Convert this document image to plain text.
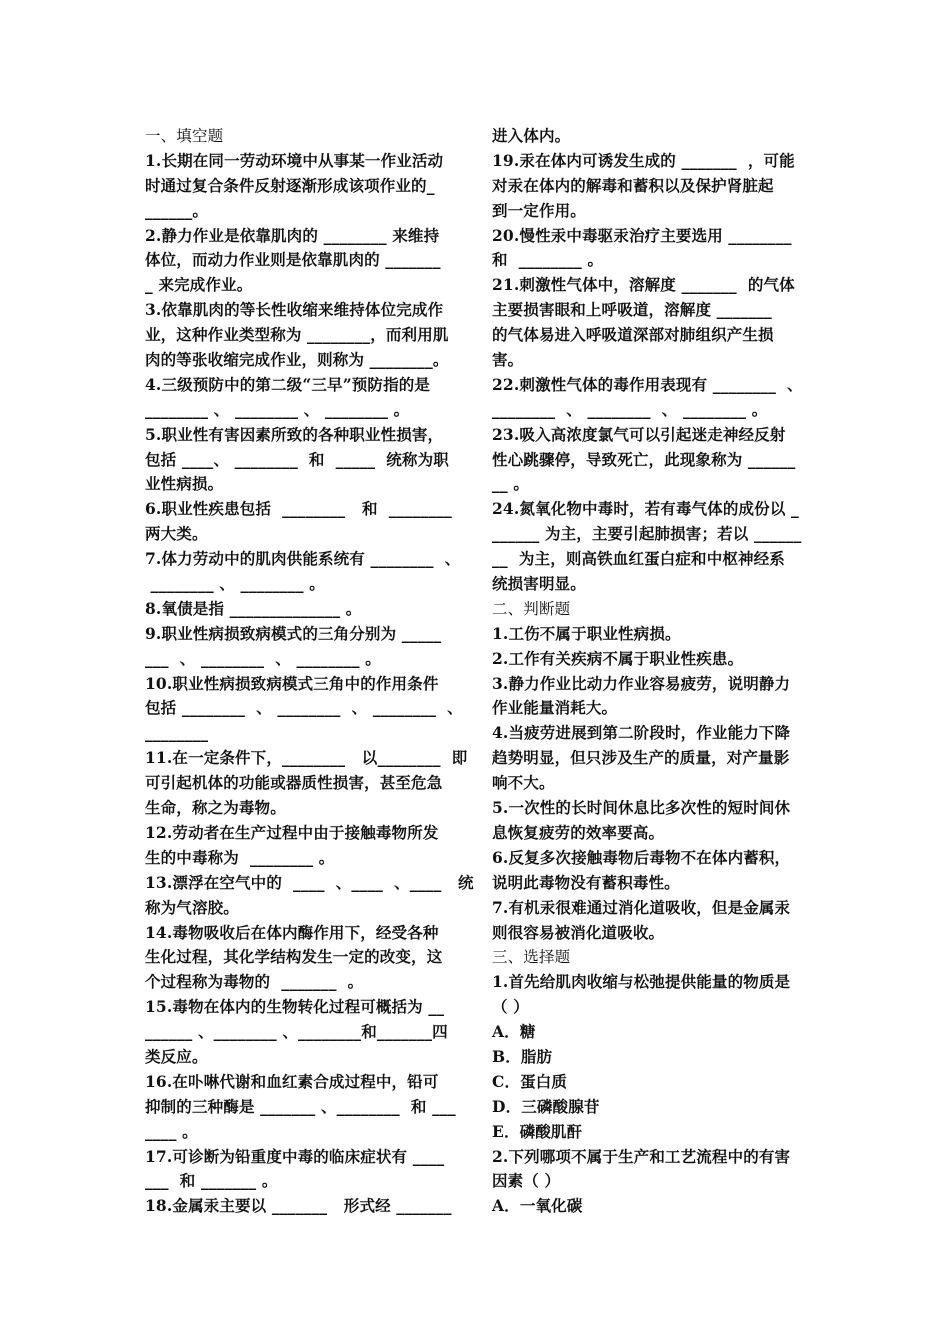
一、填空题
1.长期在同一劳动环境中从事某一作业活动
时通过复合条件反射逐渐形成该项作业的_
______。
2.静力作业是依靠肌肉的 ________ 来维持
体位，而动力作业则是依靠肌肉的 _______
_ 来完成作业。
3.依靠肌肉的等长性收缩来维持体位完成作
业，这种作业类型称为 ________，而利用肌
肉的等张收缩完成作业，则称为 ________。
4.三级预防中的第二级“三早”预防指的是
________ 、 ________ 、 ________ 。
5.职业性有害因素所致的各种职业性损害，
包括 ____、 ________  和  _____  统称为职
业性病损。
6.职业性疾患包括  ________   和  ________
两大类。
7.体力劳动中的肌肉供能系统有 ________  、
________ 、 ________ 。
8.氧债是指 ______________ 。
9.职业性病损致病模式的三角分别为 _____
___  、 ________  、 ________ 。
10.职业性病损致病模式三角中的作用条件
包括 ________  、 ________  、 ________  、
________
11.在一定条件下，________   以________  即
可引起机体的功能或器质性损害，甚至危急
生命，称之为毒物。
12.劳动者在生产过程中由于接触毒物所发
生的中毒称为  ________ 。
13.漂浮在空气中的  ____  、____  、____   统
称为气溶胶。
14.毒物吸收后在体内酶作用下，经受各种
生化过程，其化学结构发生一定的改变，这
个过程称为毒物的  _______  。
15.毒物在体内的生物转化过程可概括为 __
______ 、________ 、________和_______四
类反应。
16.在卟啉代谢和血红素合成过程中，铅可
抑制的三种酶是 _______ 、________  和 ___
____ 。
17.可诊断为铅重度中毒的临床症状有 ____
___  和 _______ 。
18.金属汞主要以 _______   形式经 _______
进入体内。
19.汞在体内可诱发生成的 _______  ，可能
对汞在体内的解毒和蓄积以及保护肾脏起
到一定作用。
20.慢性汞中毒驱汞治疗主要选用 ________
和  ________ 。
21.刺激性气体中，溶解度 _______  的气体
主要损害眼和上呼吸道，溶解度 _______
的气体易进入呼吸道深部对肺组织产生损
害。
22.刺激性气体的毒作用表现有 ________  、
________  、 ________  、 ________ 。
23.吸入高浓度氯气可以引起迷走神经反射
性心跳骤停，导致死亡，此现象称为 ______
__ 。
24.氮氧化物中毒时，若有毒气体的成份以 _
______ 为主，主要引起肺损害；若以 ______
__  为主，则高铁血红蛋白症和中枢神经系
统损害明显。
二、判断题
1.工伤不属于职业性病损。
2.工作有关疾病不属于职业性疾患。
3.静力作业比动力作业容易疲劳，说明静力
作业能量消耗大。
4.当疲劳进展到第二阶段时，作业能力下降
趋势明显，但只涉及生产的质量，对产量影
响不大。
5.一次性的长时间休息比多次性的短时间休
息恢复疲劳的效率要高。
6.反复多次接触毒物后毒物不在体内蓄积，
说明此毒物没有蓄积毒性。
7.有机汞很难通过消化道吸收，但是金属汞
则很容易被消化道吸收。
三、选择题
1.首先给肌肉收缩与松弛提供能量的物质是
（ ）
A．糖
B．脂肪
C．蛋白质
D．三磷酸腺苷
E．磷酸肌酐
2.下列哪项不属于生产和工艺流程中的有害
因素（ ）
A．一氧化碳
